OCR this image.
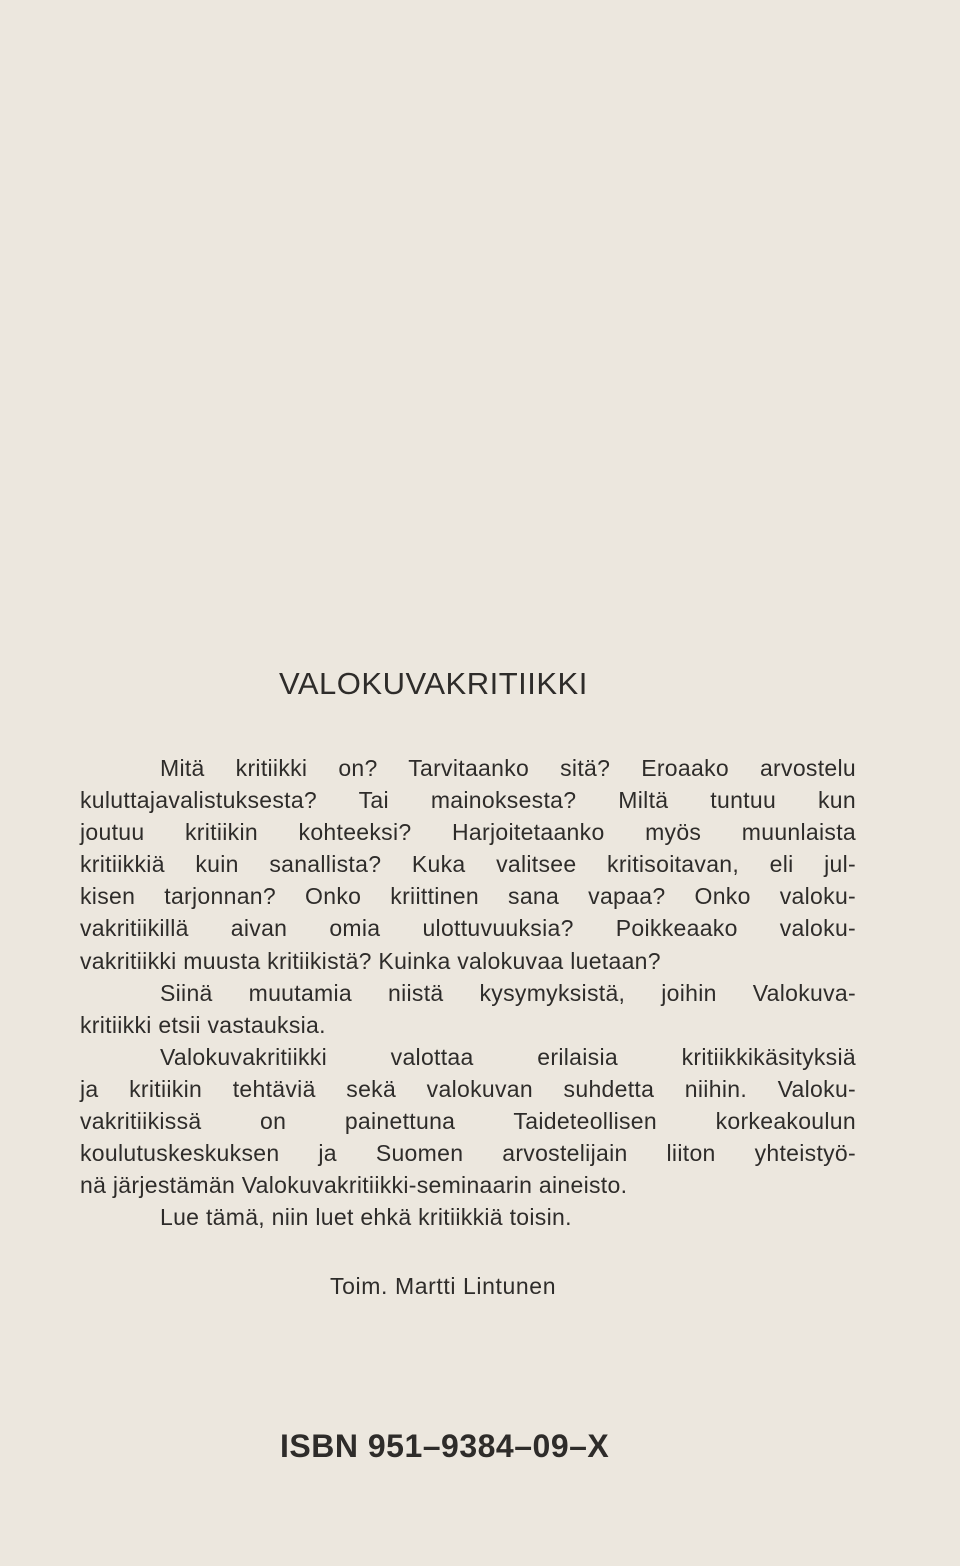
VALOKUVAKRITIIKKI
Mitä kritiikki on? Tarvitaanko sitä? Eroaako arvostelu
kuluttajavalistuksesta? Tai mainoksesta? Miltä tuntuu kun
joutuu kritiikin kohteeksi? Harjoitetaanko myös muunlaista
kritiikkiä kuin sanallista? Kuka valitsee kritisoitavan, eli jul-
kisen tarjonnan? Onko kriittinen sana vapaa? Onko valoku-
vakritiikillä aivan omia ulottuvuuksia? Poikkeaako valoku-
vakritiikki muusta kritiikistä? Kuinka valokuvaa luetaan?
Siinä muutamia niistä kysymyksistä, joihin Valokuva-
kritiikki etsii vastauksia.
Valokuvakritiikki valottaa erilaisia kritiikkikäsityksiä
ja kritiikin tehtäviä sekä valokuvan suhdetta niihin. Valoku-
vakritiikissä on painettuna Taideteollisen korkeakoulun
koulutuskeskuksen ja Suomen arvostelijain liiton yhteistyö-
nä järjestämän Valokuvakritiikki-seminaarin aineisto.
Lue tämä, niin luet ehkä kritiikkiä toisin.
Toim. Martti Lintunen
ISBN 951–9384–09–X
